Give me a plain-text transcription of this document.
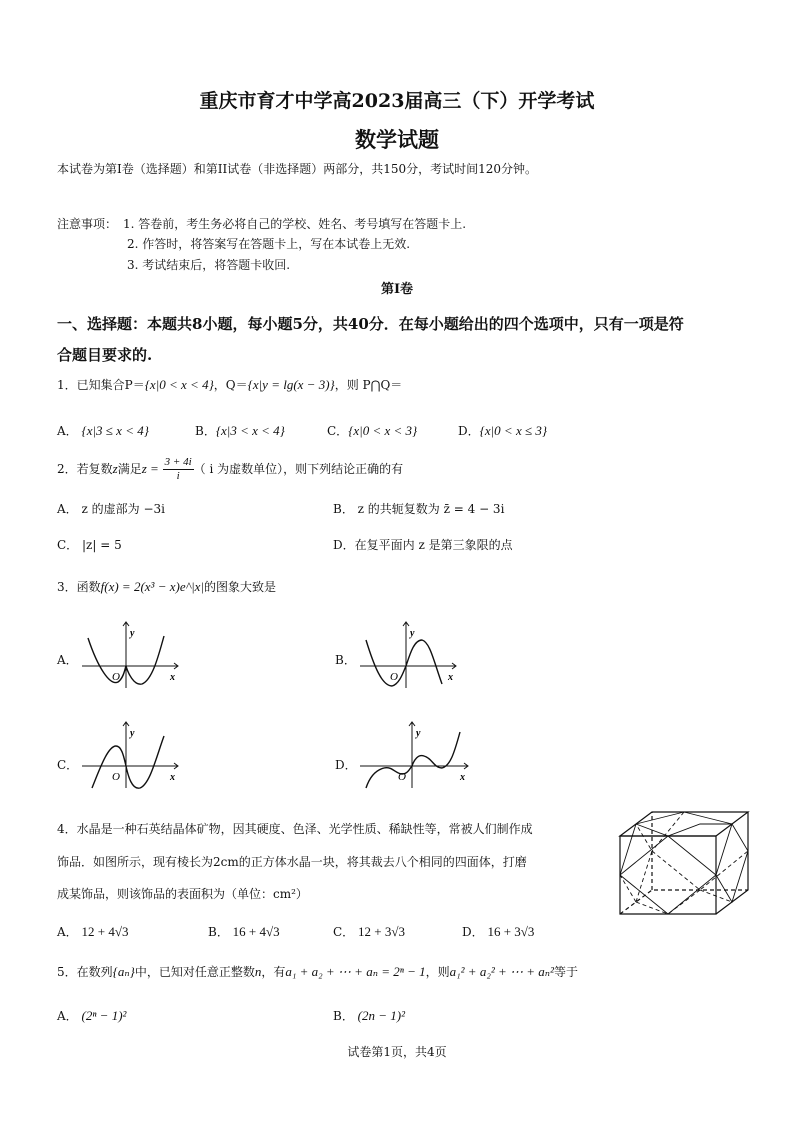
重庆市育才中学高2023届高三（下）开学考试
数学试题
本试卷为第I卷（选择题）和第II试卷（非选择题）两部分，共150分，考试时间120分钟。
注意事项： 1. 答卷前，考生务必将自己的学校、姓名、考号填写在答题卡上.
2. 作答时，将答案写在答题卡上，写在本试卷上无效.
3. 考试结束后，将答题卡收回.
第I卷
一、选择题：本题共8小题，每小题5分，共40分．在每小题给出的四个选项中，只有一项是符
合题目要求的.
1．已知集合P＝{x|0 < x < 4}，Q＝{x|y = lg(x − 3)}，则 P⋂Q＝
A． {x|3 ≤ x < 4}	B．{x|3 < x < 4}	C．{x|0 < x < 3}	D．{x|0 < x ≤ 3}
2．若复数z满足$z = \frac{3 + 4i}{i}$ （ i 为虚数单位），则下列结论正确的有
A． z 的虚部为 −3i	B． z 的共轭复数为 z̄ = 4 − 3i
C． |z| = 5	D．在复平面内 z 是第三象限的点
3．函数f(x) = 2(x³ − x)e^|x|的图象大致是
A．	B．
C．	D．
y
x
O
y
x
O
y
x
O
y
x
O
4．水晶是一种石英结晶体矿物，因其硬度、色泽、光学性质、稀缺性等，常被人们制作成
饰品．如图所示，现有棱长为2cm的正方体水晶一块，将其裁去八个相同的四面体，打磨
成某饰品，则该饰品的表面积为（单位：cm²）
A． 12 + 4√3	B． 16 + 4√3	C． 12 + 3√3	D． 16 + 3√3
5．在数列{aₙ}中，已知对任意正整数n，有a₁ + a₂ + ⋯ + aₙ = 2ⁿ − 1，则a₁² + a₂² + ⋯ + aₙ²等于
A． (2ⁿ − 1)²	B． (2n − 1)²
试卷第1页，共4页
